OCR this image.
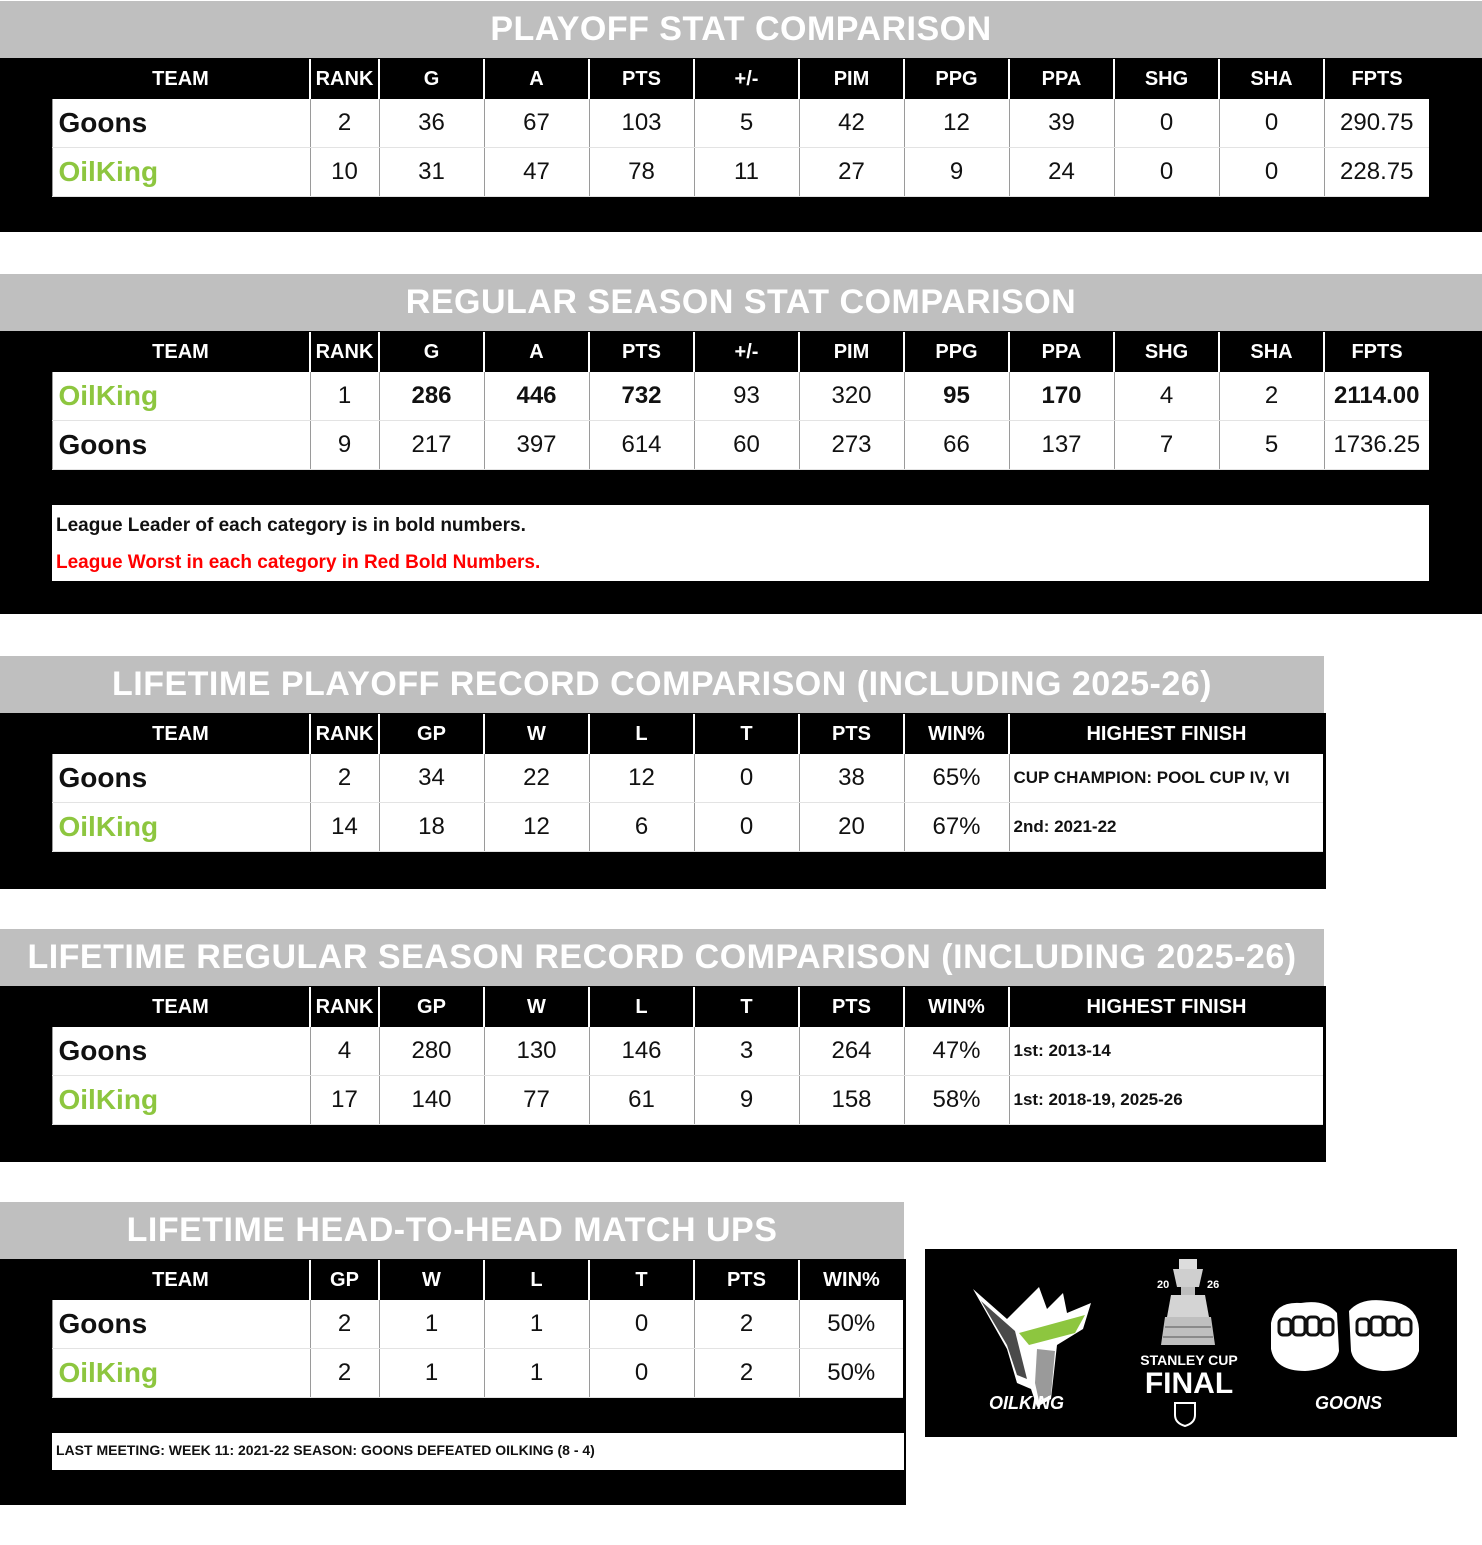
PLAYOFF STAT COMPARISON
	TEAM	RANK	G	A	PTS	+/-	PIM	PPG	PPA	SHG	SHA	FPTS	
	Goons	2	36	67	103	5	42	12	39	0	0	290.75	
	OilKing	10	31	47	78	11	27	9	24	0	0	228.75	
REGULAR SEASON STAT COMPARISON
	TEAM	RANK	G	A	PTS	+/-	PIM	PPG	PPA	SHG	SHA	FPTS	
	OilKing	1	286	446	732	93	320	95	170	4	2	2114.00	
	Goons	9	217	397	614	60	273	66	137	7	5	1736.25	
League Leader of each category is in bold numbers.
League Worst in each category in Red Bold Numbers.
LIFETIME PLAYOFF RECORD COMPARISON (INCLUDING 2025-26)
	TEAM	RANK	GP	W	L	T	PTS	WIN%	HIGHEST FINISH	
	Goons	2	34	22	12	0	38	65%	CUP CHAMPION: POOL CUP IV, VI	
	OilKing	14	18	12	6	0	20	67%	2nd: 2021-22	
LIFETIME REGULAR SEASON RECORD COMPARISON (INCLUDING 2025-26)
	TEAM	RANK	GP	W	L	T	PTS	WIN%	HIGHEST FINISH	
	Goons	4	280	130	146	3	264	47%	1st: 2013-14	
	OilKing	17	140	77	61	9	158	58%	1st: 2018-19, 2025-26	
LIFETIME HEAD-TO-HEAD MATCH UPS
	TEAM	GP	W	L	T	PTS	WIN%	
	Goons	2	1	1	0	2	50%	
	OilKing	2	1	1	0	2	50%	
LAST MEETING: WEEK 11: 2021-22 SEASON: GOONS DEFEATED OILKING (8 - 4)
OILKING
20	26
STANLEY CUP
FINAL
GOONS
